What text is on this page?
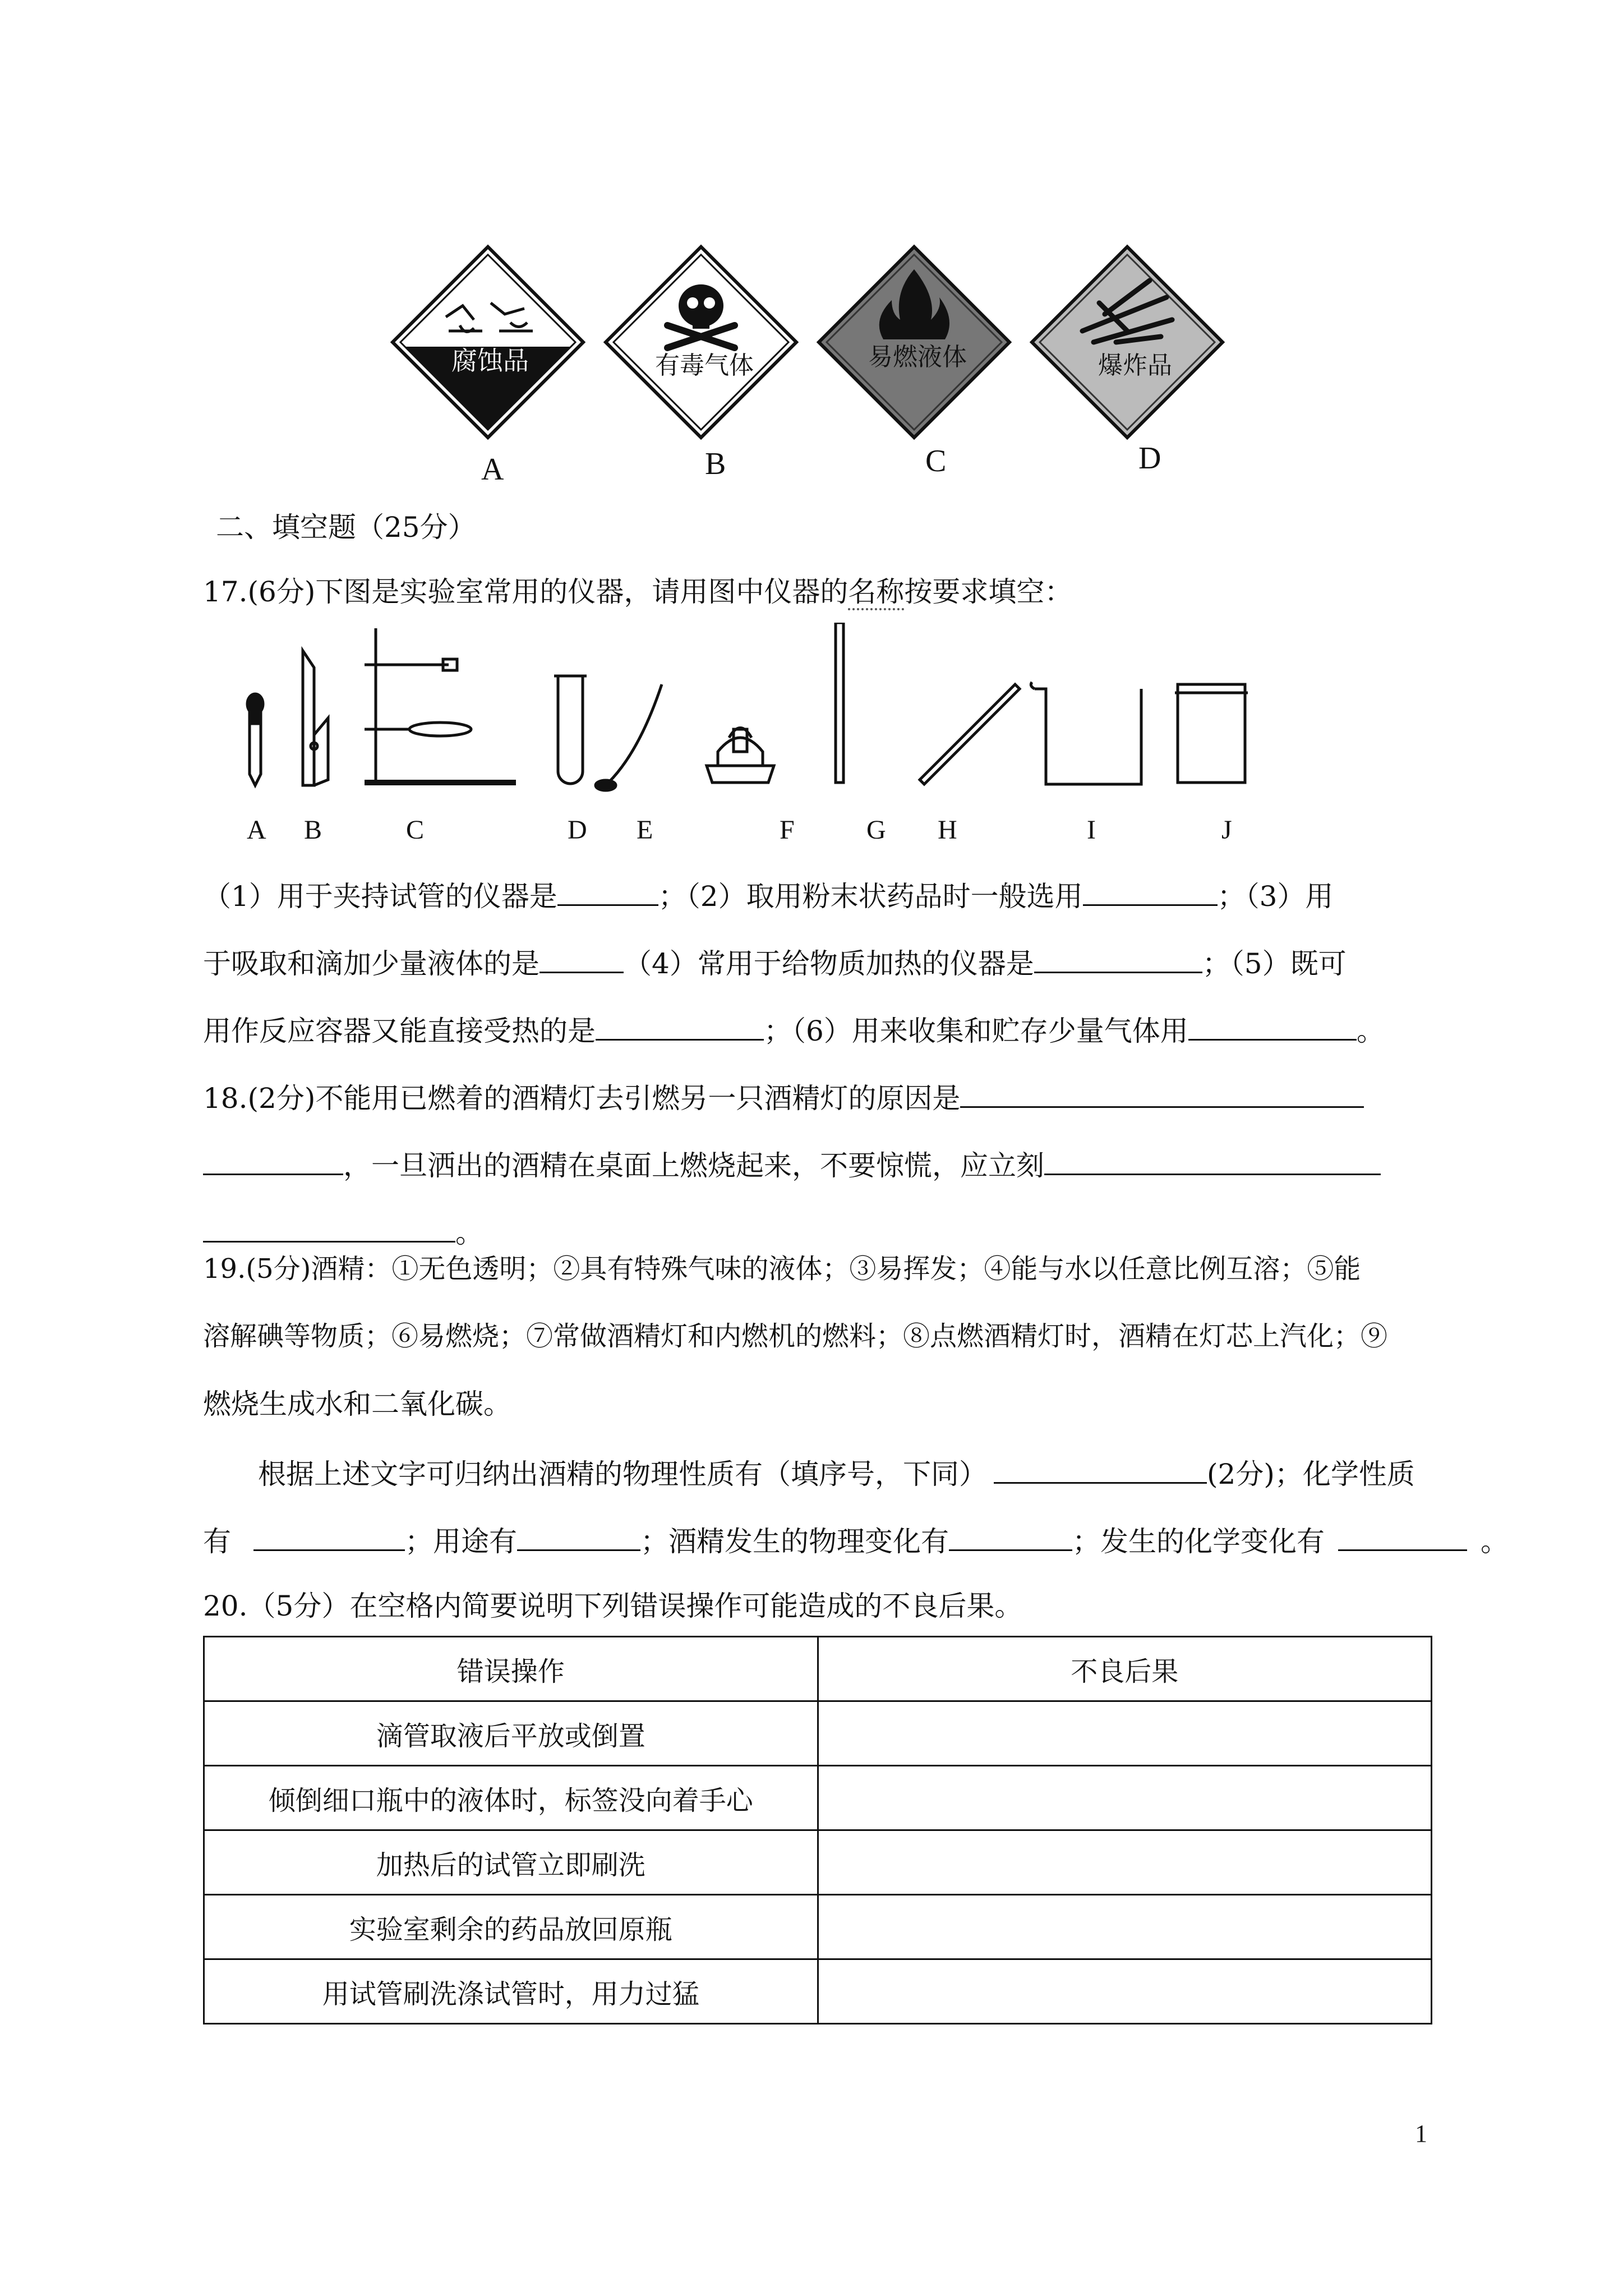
腐蚀品	有毒气体	易燃液体	爆炸品
A	B	C	D
二、填空题（25分）
17.(6分)下图是实验室常用的仪器，请用图中仪器的名称按要求填空：
A B	C	D E	F	G H	I	J
（1）用于夹持试管的仪器是	；（2）取用粉末状药品时一般选用	；（3）用
于吸取和滴加少量液体的是	（4）常用于给物质加热的仪器是	；（5）既可
用作反应容器又能直接受热的是	；（6）用来收集和贮存少量气体用	。
18.(2分)不能用已燃着的酒精灯去引燃另一只酒精灯的原因是
，一旦洒出的酒精在桌面上燃烧起来，不要惊慌，应立刻
。
19.(5分)酒精：①无色透明；②具有特殊气味的液体；③易挥发；④能与水以任意比例互溶；⑤能
溶解碘等物质；⑥易燃烧；⑦常做酒精灯和内燃机的燃料；⑧点燃酒精灯时，酒精在灯芯上汽化；⑨
燃烧生成水和二氧化碳。
根据上述文字可归纳出酒精的物理性质有（填序号，下同）	(2分)；化学性质
有	；用途有	；酒精发生的物理变化有	；发生的化学变化有	。
20.（5分）在空格内简要说明下列错误操作可能造成的不良后果。
错误操作	不良后果
滴管取液后平放或倒置	
倾倒细口瓶中的液体时，标签没向着手心	
加热后的试管立即刷洗	
实验室剩余的药品放回原瓶	
用试管刷洗涤试管时，用力过猛	
1
